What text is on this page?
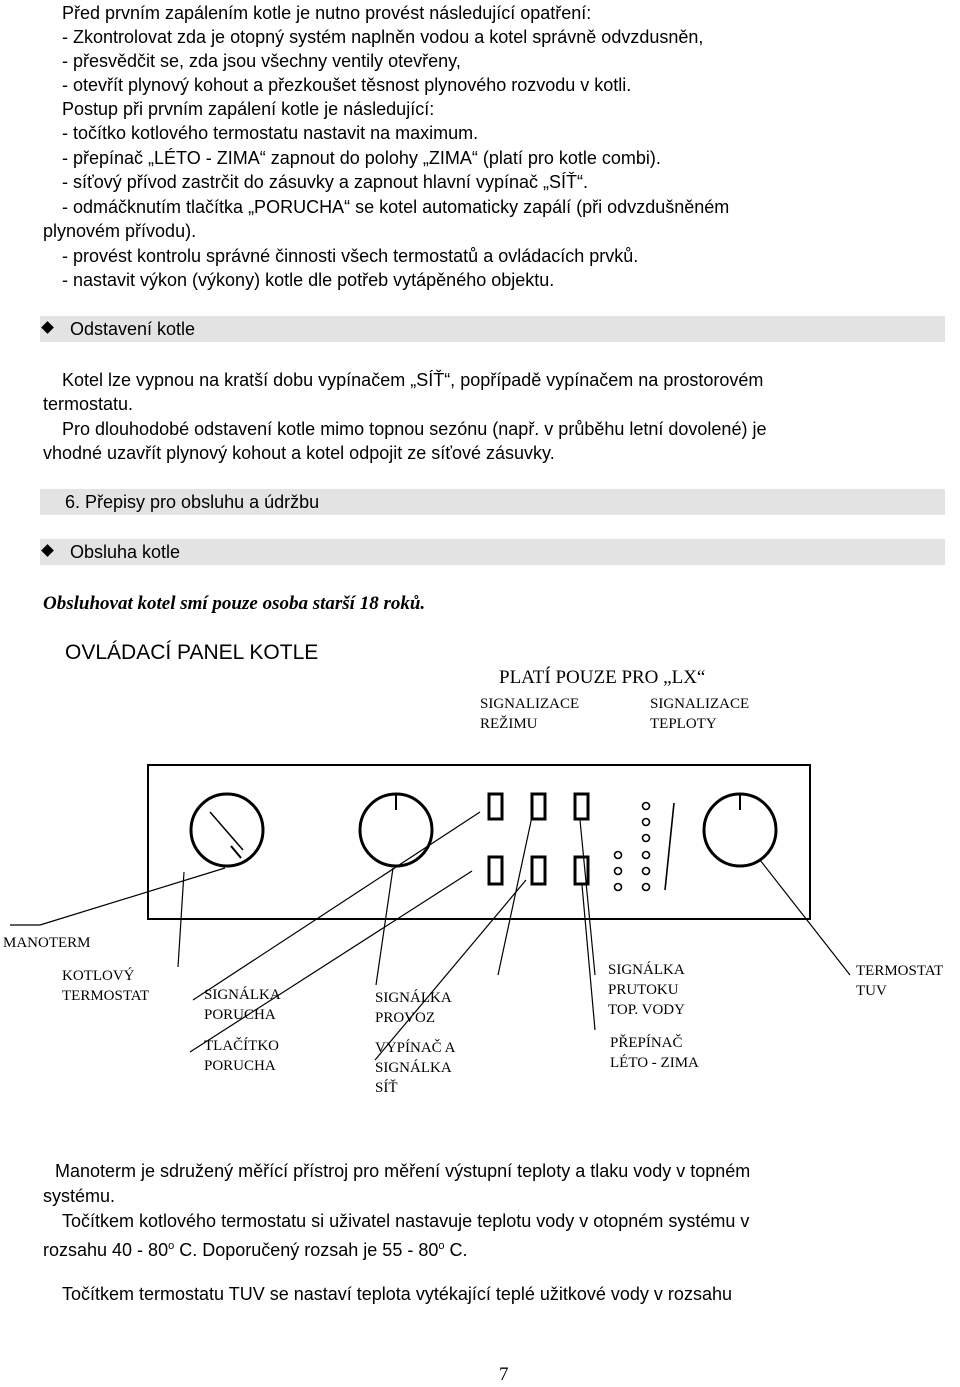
Před prvním zapálením kotle je nutno provést následující opatření:
- Zkontrolovat zda je otopný systém naplněn vodou a kotel správně odvzdusněn,
- přesvědčit se, zda jsou všechny ventily otevřeny,
- otevřít plynový kohout a přezkoušet těsnost plynového rozvodu v kotli.
Postup při prvním zapálení kotle je následující:
- točítko kotlového termostatu nastavit na maximum.
- přepínač „LÉTO - ZIMA“ zapnout do polohy „ZIMA“ (platí pro kotle combi).
- síťový přívod zastrčit do zásuvky a zapnout hlavní vypínač „SÍŤ“.
- odmáčknutím tlačítka „PORUCHA“ se kotel automaticky zapálí (při odvzdušněném
plynovém přívodu).
- provést kontrolu správné činnosti všech termostatů a ovládacích prvků.
- nastavit výkon (výkony) kotle dle potřeb vytápěného objektu.
Odstavení kotle
Kotel lze vypnou na kratší dobu vypínačem „SÍŤ“, popřípadě vypínačem na prostorovém
termostatu.
Pro dlouhodobé odstavení kotle mimo topnou sezónu (např. v průběhu letní dovolené) je
vhodné uzavřít plynový kohout a kotel odpojit ze síťové zásuvky.
6. Přepisy pro obsluhu a údržbu
Obsluha kotle
Obsluhovat kotel smí pouze osoba starší 18 roků.
OVLÁDACÍ PANEL KOTLE
PLATÍ POUZE PRO „LX“
SIGNALIZACE
REŽIMU
SIGNALIZACE
TEPLOTY
MANOTERM
KOTLOVÝ
TERMOSTAT	SIGNÁLKA
PORUCHA
TLAČÍTKO
PORUCHA
SIGNÁLKA
PROVOZ
VYPÍNAČ A
SIGNÁLKA
SÍŤ
SIGNÁLKA
PRUTOKU
TOP. VODY
PŘEPÍNAČ
LÉTO - ZIMA
TERMOSTAT
TUV
Manoterm je sdružený měřící přístroj pro měření výstupní teploty a tlaku vody v topném
systému.
Točítkem kotlového termostatu si uživatel nastavuje teplotu vody v otopném systému v
rozsahu 40 - 80$^o$ C. Doporučený rozsah je 55 - 80$^o$ C.
Točítkem termostatu TUV se nastaví teplota vytékající teplé užitkové vody v rozsahu
7
